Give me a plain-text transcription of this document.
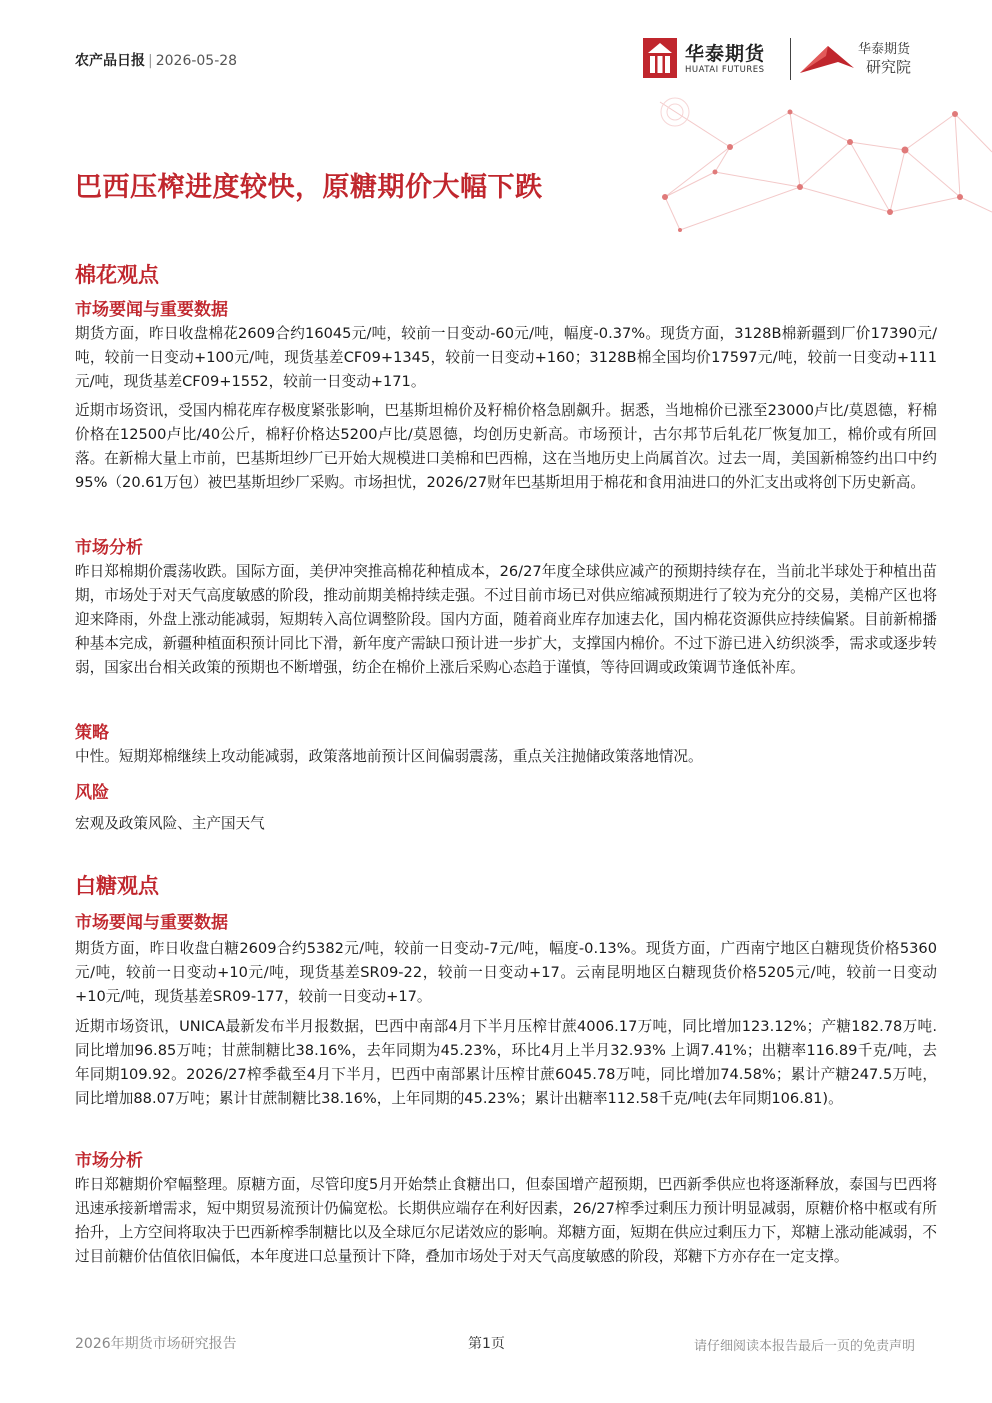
农产品日报 | 2026-05-28	华泰期货
HUATAI FUTURES
华泰期货
研究院
巴西压榨进度较快，原糖期价大幅下跌
棉花观点
市场要闻与重要数据

期货方面，昨日收盘棉花2609合约16045元/吨，较前一日变动-60元/吨，幅度-0.37%。现货方面，3128B棉新疆到厂价17390元/吨，较前一日变动+100元/吨，现货基差CF09+1345，较前一日变动+160；3128B棉全国均价17597元/吨，较前一日变动+111元/吨，现货基差CF09+1552，较前一日变动+171。

近期市场资讯，受国内棉花库存极度紧张影响，巴基斯坦棉价及籽棉价格急剧飙升。据悉，当地棉价已涨至23000卢比/莫恩德，籽棉价格在12500卢比/40公斤，棉籽价格达5200卢比/莫恩德，均创历史新高。市场预计，古尔邦节后轧花厂恢复加工，棉价或有所回落。在新棉大量上市前，巴基斯坦纱厂已开始大规模进口美棉和巴西棉，这在当地历史上尚属首次。过去一周，美国新棉签约出口中约95%（20.61万包）被巴基斯坦纱厂采购。市场担忧，2026/27财年巴基斯坦用于棉花和食用油进口的外汇支出或将创下历史新高。

市场分析

昨日郑棉期价震荡收跌。国际方面，美伊冲突推高棉花种植成本，26/27年度全球供应减产的预期持续存在，当前北半球处于种植出苗期，市场处于对天气高度敏感的阶段，推动前期美棉持续走强。不过目前市场已对供应缩减预期进行了较为充分的交易，美棉产区也将迎来降雨，外盘上涨动能减弱，短期转入高位调整阶段。国内方面，随着商业库存加速去化，国内棉花资源供应持续偏紧。目前新棉播种基本完成，新疆种植面积预计同比下滑，新年度产需缺口预计进一步扩大，支撑国内棉价。不过下游已进入纺织淡季，需求或逐步转弱，国家出台相关政策的预期也不断增强，纺企在棉价上涨后采购心态趋于谨慎，等待回调或政策调节逢低补库。

策略

中性。短期郑棉继续上攻动能减弱，政策落地前预计区间偏弱震荡，重点关注抛储政策落地情况。

风险

宏观及政策风险、主产国天气

白糖观点
市场要闻与重要数据

期货方面，昨日收盘白糖2609合约5382元/吨，较前一日变动-7元/吨，幅度-0.13%。现货方面，广西南宁地区白糖现货价格5360元/吨，较前一日变动+10元/吨，现货基差SR09-22，较前一日变动+17。云南昆明地区白糖现货价格5205元/吨，较前一日变动+10元/吨，现货基差SR09-177，较前一日变动+17。

近期市场资讯，UNICA最新发布半月报数据，巴西中南部4月下半月压榨甘蔗4006.17万吨，同比增加123.12%；产糖182.78万吨.同比增加96.85万吨；甘蔗制糖比38.16%，去年同期为45.23%，环比4月上半月32.93% 上调7.41%；出糖率116.89千克/吨，去年同期109.92。2026/27榨季截至4月下半月，巴西中南部累计压榨甘蔗6045.78万吨，同比增加74.58%；累计产糖247.5万吨，同比增加88.07万吨；累计甘蔗制糖比38.16%，上年同期的45.23%；累计出糖率112.58千克/吨(去年同期106.81)。

市场分析

昨日郑糖期价窄幅整理。原糖方面，尽管印度5月开始禁止食糖出口，但泰国增产超预期，巴西新季供应也将逐渐释放，泰国与巴西将迅速承接新增需求，短中期贸易流预计仍偏宽松。长期供应端存在利好因素，26/27榨季过剩压力预计明显减弱，原糖价格中枢或有所抬升，上方空间将取决于巴西新榨季制糖比以及全球厄尔尼诺效应的影响。郑糖方面，短期在供应过剩压力下，郑糖上涨动能减弱，不过目前糖价估值依旧偏低，本年度进口总量预计下降，叠加市场处于对天气高度敏感的阶段，郑糖下方亦存在一定支撑。

2026年期货市场研究报告	第1页	请仔细阅读本报告最后一页的免责声明
